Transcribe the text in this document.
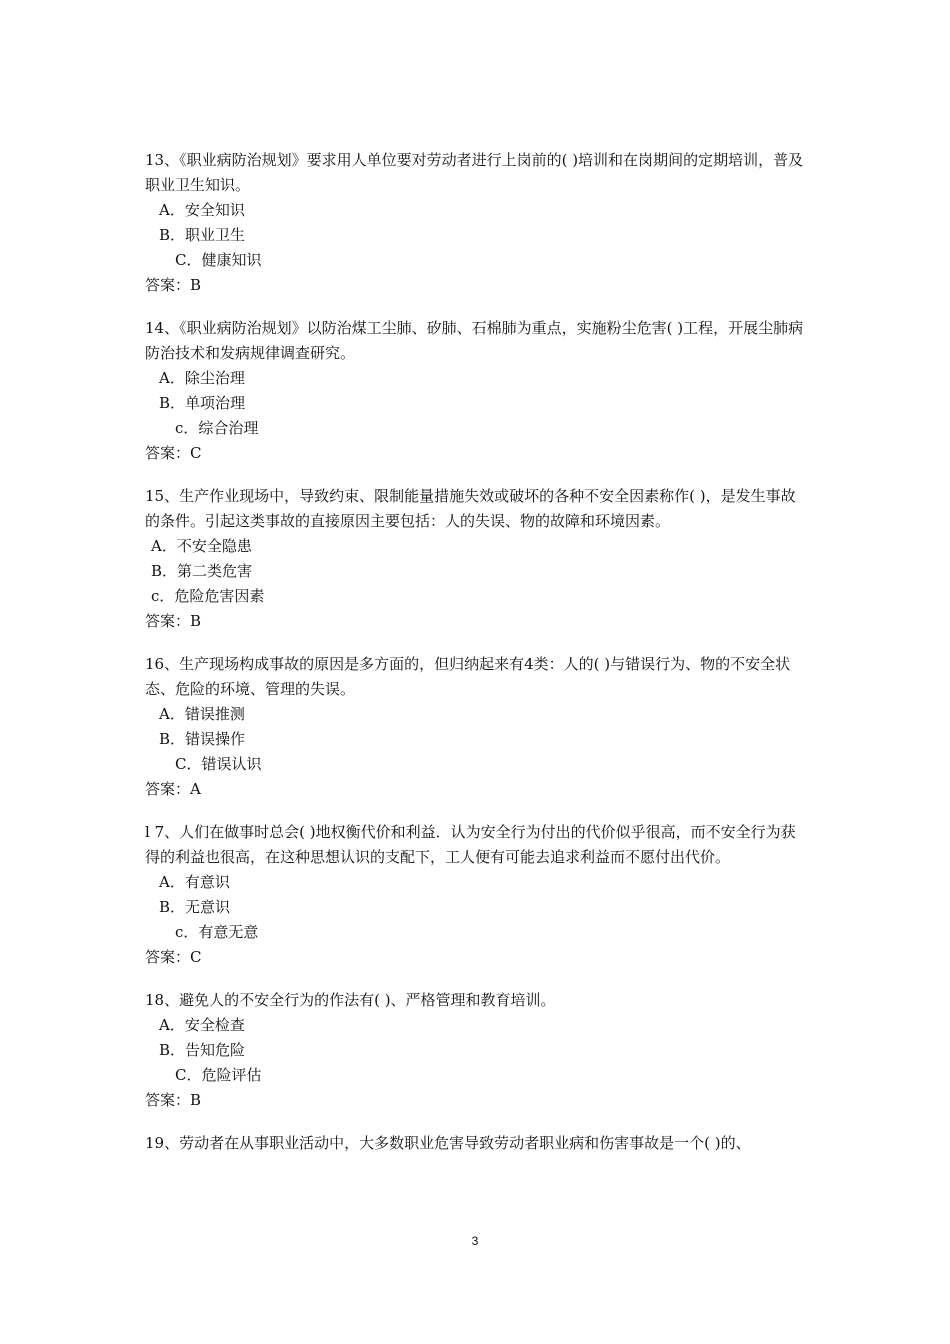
13、《职业病防治规划》要求用人单位要对劳动者进行上岗前的( )培训和在岗期间的定期培训，普及职业卫生知识。

A．安全知识

B．职业卫生

C．健康知识

答案：B

14、《职业病防治规划》以防治煤工尘肺、矽肺、石棉肺为重点，实施粉尘危害( )工程，开展尘肺病防治技术和发病规律调查研究。

A．除尘治理

B．单项治理

c．综合治理

答案：C

15、生产作业现场中，导致约束、限制能量措施失效或破坏的各种不安全因素称作( )，是发生事故的条件。引起这类事故的直接原因主要包括：人的失误、物的故障和环境因素。

A．不安全隐患

B．第二类危害

c．危险危害因素

答案：B

16、生产现场构成事故的原因是多方面的，但归纳起来有4类：人的( )与错误行为、物的不安全状态、危险的环境、管理的失误。

A．错误推测

B．错误操作

C．错误认识

答案：A

l 7、人们在做事时总会( )地权衡代价和利益．认为安全行为付出的代价似乎很高，而不安全行为获得的利益也很高，在这种思想认识的支配下，工人便有可能去追求利益而不愿付出代价。

A．有意识

B．无意识

c．有意无意

答案：C

18、避免人的不安全行为的作法有( )、严格管理和教育培训。

A．安全检查

B．告知危险

C．危险评估

答案：B

19、劳动者在从事职业活动中，大多数职业危害导致劳动者职业病和伤害事故是一个( )的、

3
